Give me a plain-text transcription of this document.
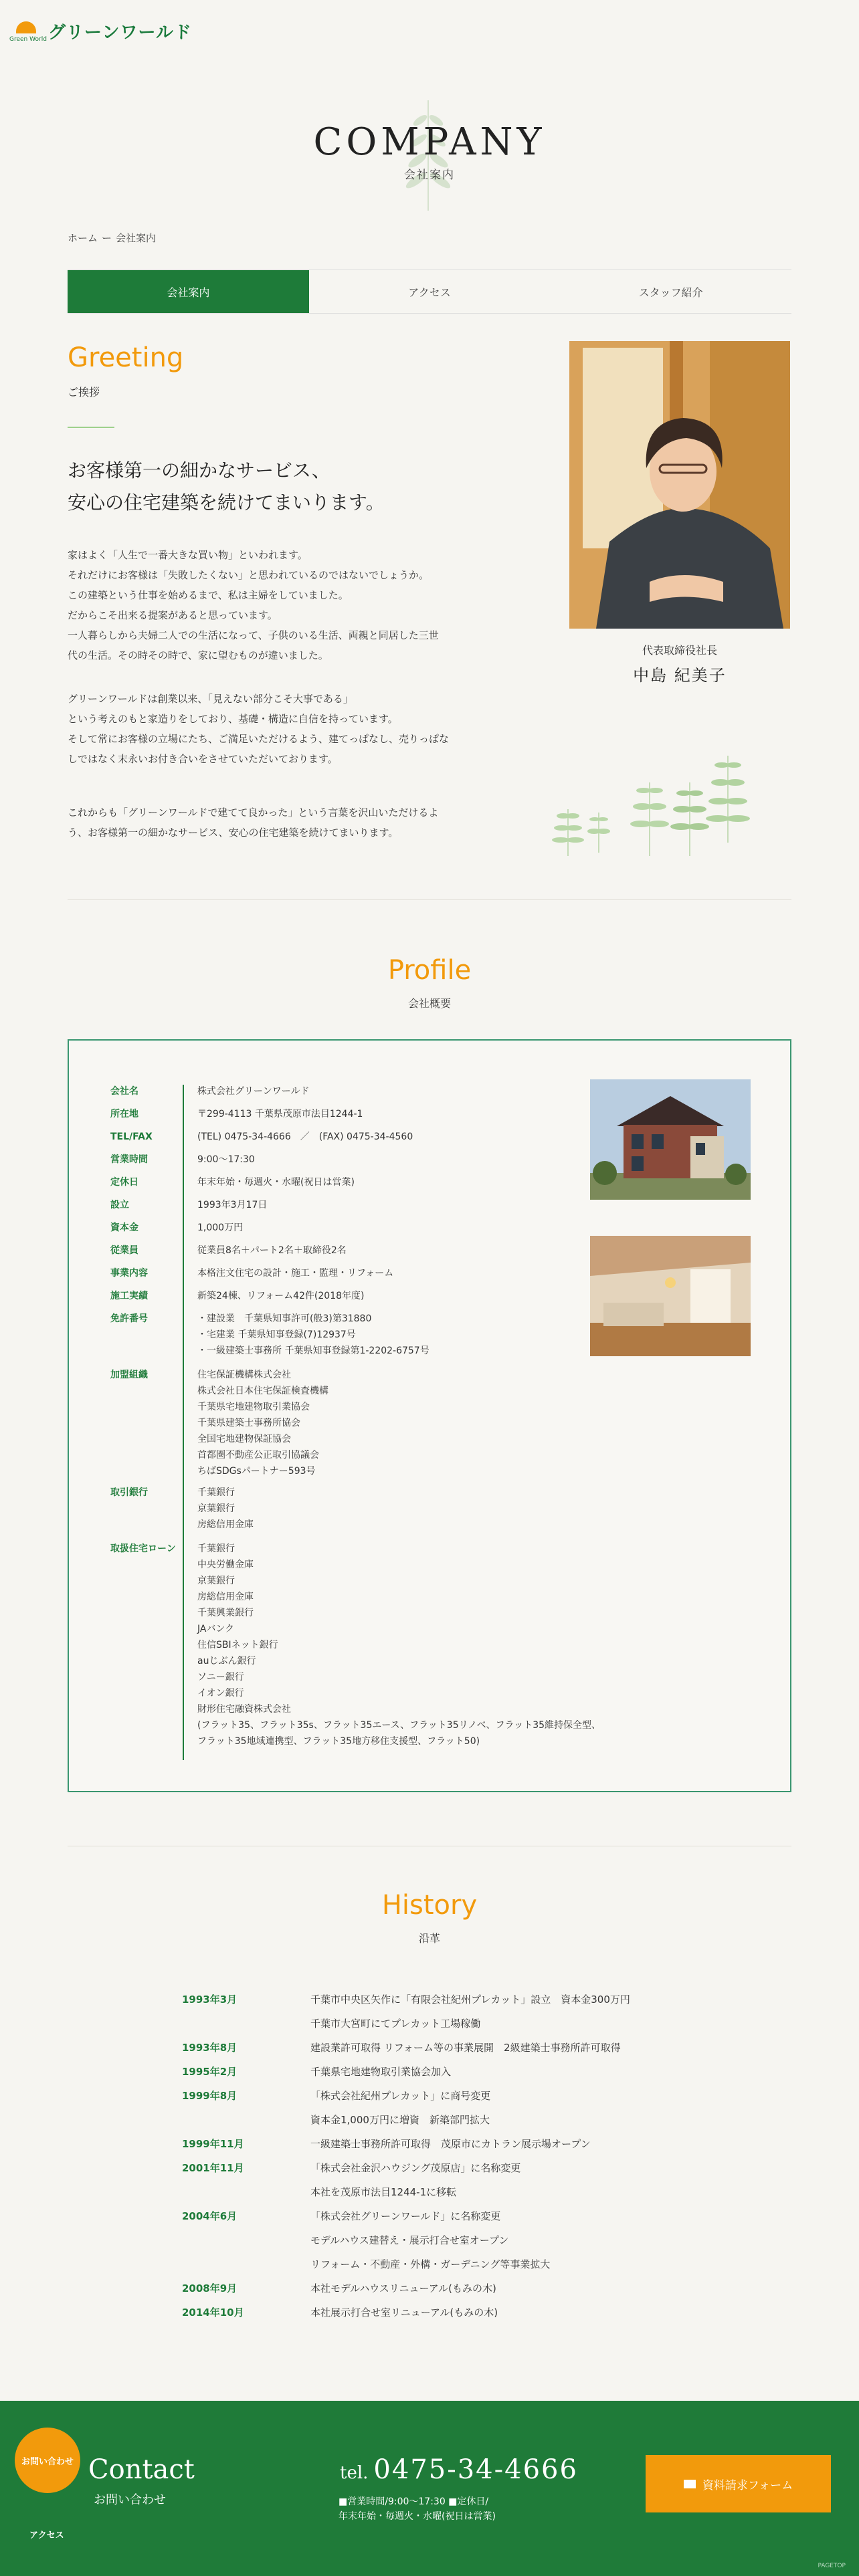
Green World グリーンワールド
COMPANY
会社案内
ホーム ー 会社案内
会社案内	アクセス	スタッフ紹介
Greeting
ご挨拶
お客様第一の細かなサービス、
安心の住宅建築を続けてまいります。
家はよく「人生で一番大きな買い物」といわれます。
それだけにお客様は「失敗したくない」と思われているのではないでしょうか。
この建築という仕事を始めるまで、私は主婦をしていました。
だからこそ出来る提案があると思っています。
一人暮らしから夫婦二人での生活になって、子供のいる生活、両親と同居した三世
代の生活。その時その時で、家に望むものが違いました。
グリーンワールドは創業以来、「見えない部分こそ大事である」
という考えのもと家造りをしており、基礎・構造に自信を持っています。
そして常にお客様の立場にたち、ご満足いただけるよう、建てっぱなし、売りっぱな
しではなく末永いお付き合いをさせていただいております。
これからも「グリーンワールドで建てて良かった」という言葉を沢山いただけるよ
う、お客様第一の細かなサービス、安心の住宅建築を続けてまいります。
代表取締役社長
中島 紀美子
Profile
会社概要
会社名	株式会社グリーンワールド
所在地	〒299-4113 千葉県茂原市法目1244-1
TEL/FAX	(TEL) 0475-34-4666　／　(FAX) 0475-34-4560
営業時間	9:00〜17:30
定休日	年末年始・毎週火・水曜(祝日は営業)
設立	1993年3月17日
資本金	1,000万円
従業員	従業員8名＋パート2名＋取締役2名
事業内容	本格注文住宅の設計・施工・監理・リフォーム
施工実績	新築24棟、リフォーム42件(2018年度)
免許番号	・建設業　千葉県知事許可(般3)第31880
・宅建業 千葉県知事登録(7)12937号
・一級建築士事務所 千葉県知事登録第1-2202-6757号
加盟組織	住宅保証機構株式会社
株式会社日本住宅保証検査機構
千葉県宅地建物取引業協会
千葉県建築士事務所協会
全国宅地建物保証協会
首都圏不動産公正取引協議会
ちばSDGsパートナー593号
取引銀行	千葉銀行
京葉銀行
房総信用金庫
取扱住宅ローン	千葉銀行
中央労働金庫
京葉銀行
房総信用金庫
千葉興業銀行
JAバンク
住信SBIネット銀行
auじぶん銀行
ソニー銀行
イオン銀行
財形住宅融資株式会社
(フラット35、フラット35s、フラット35エース、フラット35リノベ、フラット35維持保全型、
フラット35地域連携型、フラット35地方移住支援型、フラット50)
History
沿革
1993年3月	千葉市中央区矢作に「有限会社紀州プレカット」設立　資本金300万円
千葉市大宮町にてプレカット工場稼働
1993年8月	建設業許可取得 リフォーム等の事業展開　2級建築士事務所許可取得
1995年2月	千葉県宅地建物取引業協会加入
1999年8月	「株式会社紀州プレカット」に商号変更
資本金1,000万円に増資　新築部門拡大
1999年11月	一級建築士事務所許可取得　茂原市にカトラン展示場オープン
2001年11月	「株式会社金沢ハウジング茂原店」に名称変更
本社を茂原市法目1244-1に移転
2004年6月	「株式会社グリーンワールド」に名称変更
モデルハウス建替え・展示打合せ室オープン
リフォーム・不動産・外構・ガーデニング等事業拡大
2008年9月	本社モデルハウスリニューアル(もみの木)
2014年10月	本社展示打合せ室リニューアル(もみの木)
お問い合わせ
アクセス
Contact
お問い合わせ
tel. 0475-34-4666
■営業時間/9:00〜17:30 ■定休日/
年末年始・毎週火・水曜(祝日は営業)
資料請求フォーム
PAGETOP
